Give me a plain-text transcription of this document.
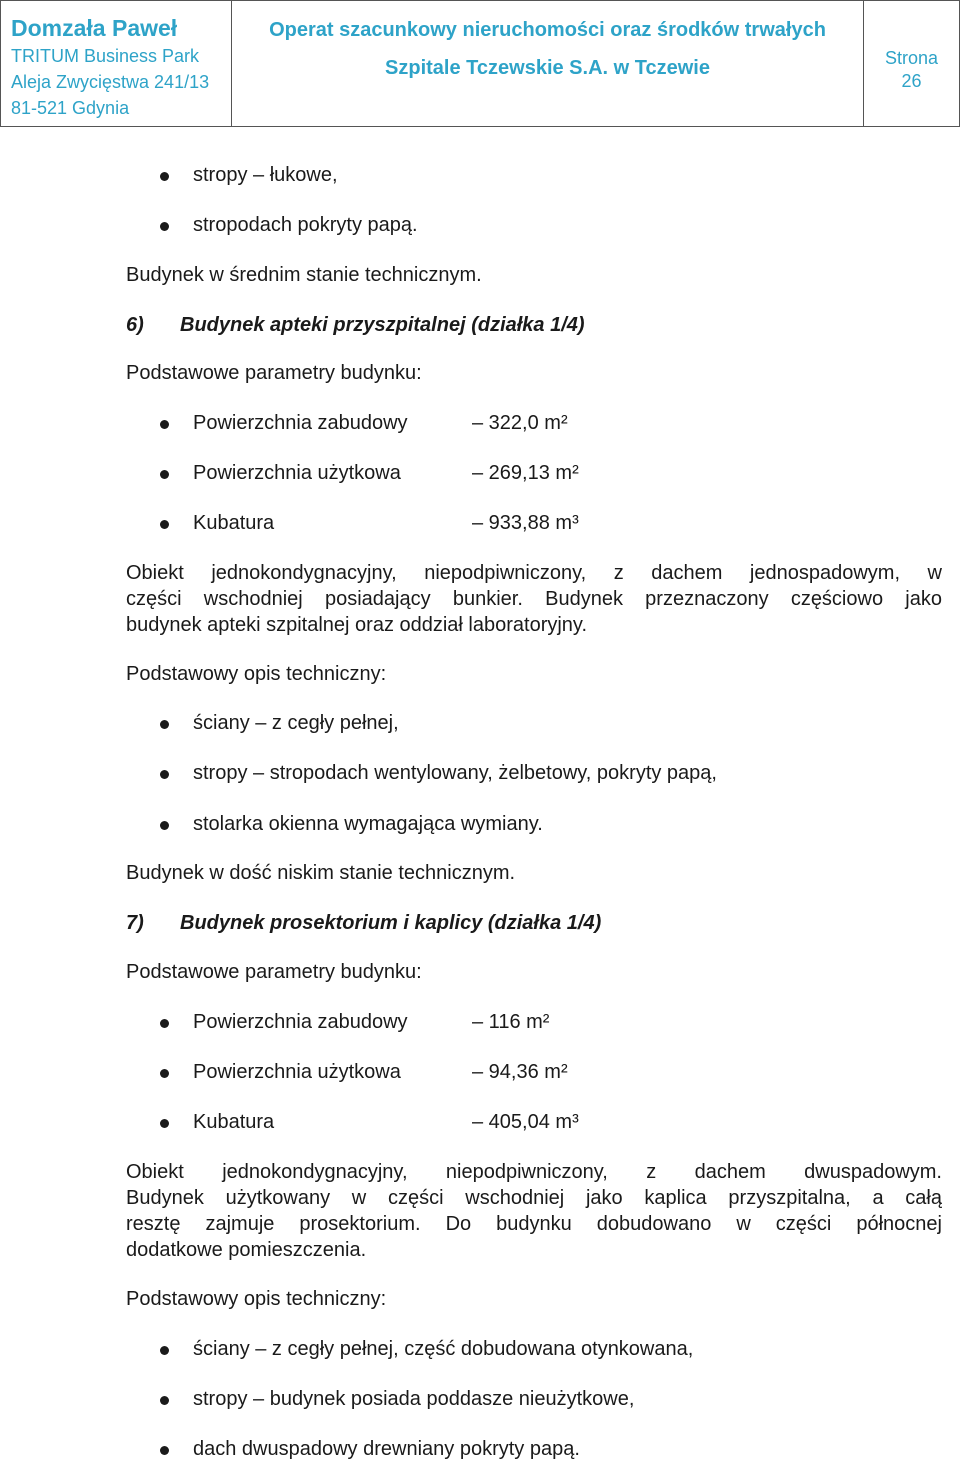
Domzała Paweł
TRITUM Business Park
Aleja Zwycięstwa 241/13
81-521 Gdynia
Operat szacunkowy nieruchomości oraz środków trwałych
Szpitale Tczewskie S.A. w Tczewie	Strona
26
stropy – łukowe,
stropodach pokryty papą.
Budynek w średnim stanie technicznym.
6) Budynek apteki przyszpitalnej (działka 1/4)
Podstawowe parametry budynku:
Powierzchnia zabudowy	– 322,0 m²
Powierzchnia użytkowa	– 269,13 m²
Kubatura	– 933,88 m³
Obiekt jednokondygnacyjny, niepodpiwniczony, z dachem jednospadowym, w
części wschodniej posiadający bunkier. Budynek przeznaczony częściowo jako
budynek apteki szpitalnej oraz oddział laboratoryjny.
Podstawowy opis techniczny:
ściany – z cegły pełnej,
stropy – stropodach wentylowany, żelbetowy, pokryty papą,
stolarka okienna wymagająca wymiany.
Budynek w dość niskim stanie technicznym.
7) Budynek prosektorium i kaplicy (działka 1/4)
Podstawowe parametry budynku:
Powierzchnia zabudowy	– 116 m²
Powierzchnia użytkowa	– 94,36 m²
Kubatura	– 405,04 m³
Obiekt jednokondygnacyjny, niepodpiwniczony, z dachem dwuspadowym.
Budynek użytkowany w części wschodniej jako kaplica przyszpitalna, a całą
resztę zajmuje prosektorium. Do budynku dobudowano w części północnej
dodatkowe pomieszczenia.
Podstawowy opis techniczny:
ściany – z cegły pełnej, część dobudowana otynkowana,
stropy – budynek posiada poddasze nieużytkowe,
dach dwuspadowy drewniany pokryty papą.
